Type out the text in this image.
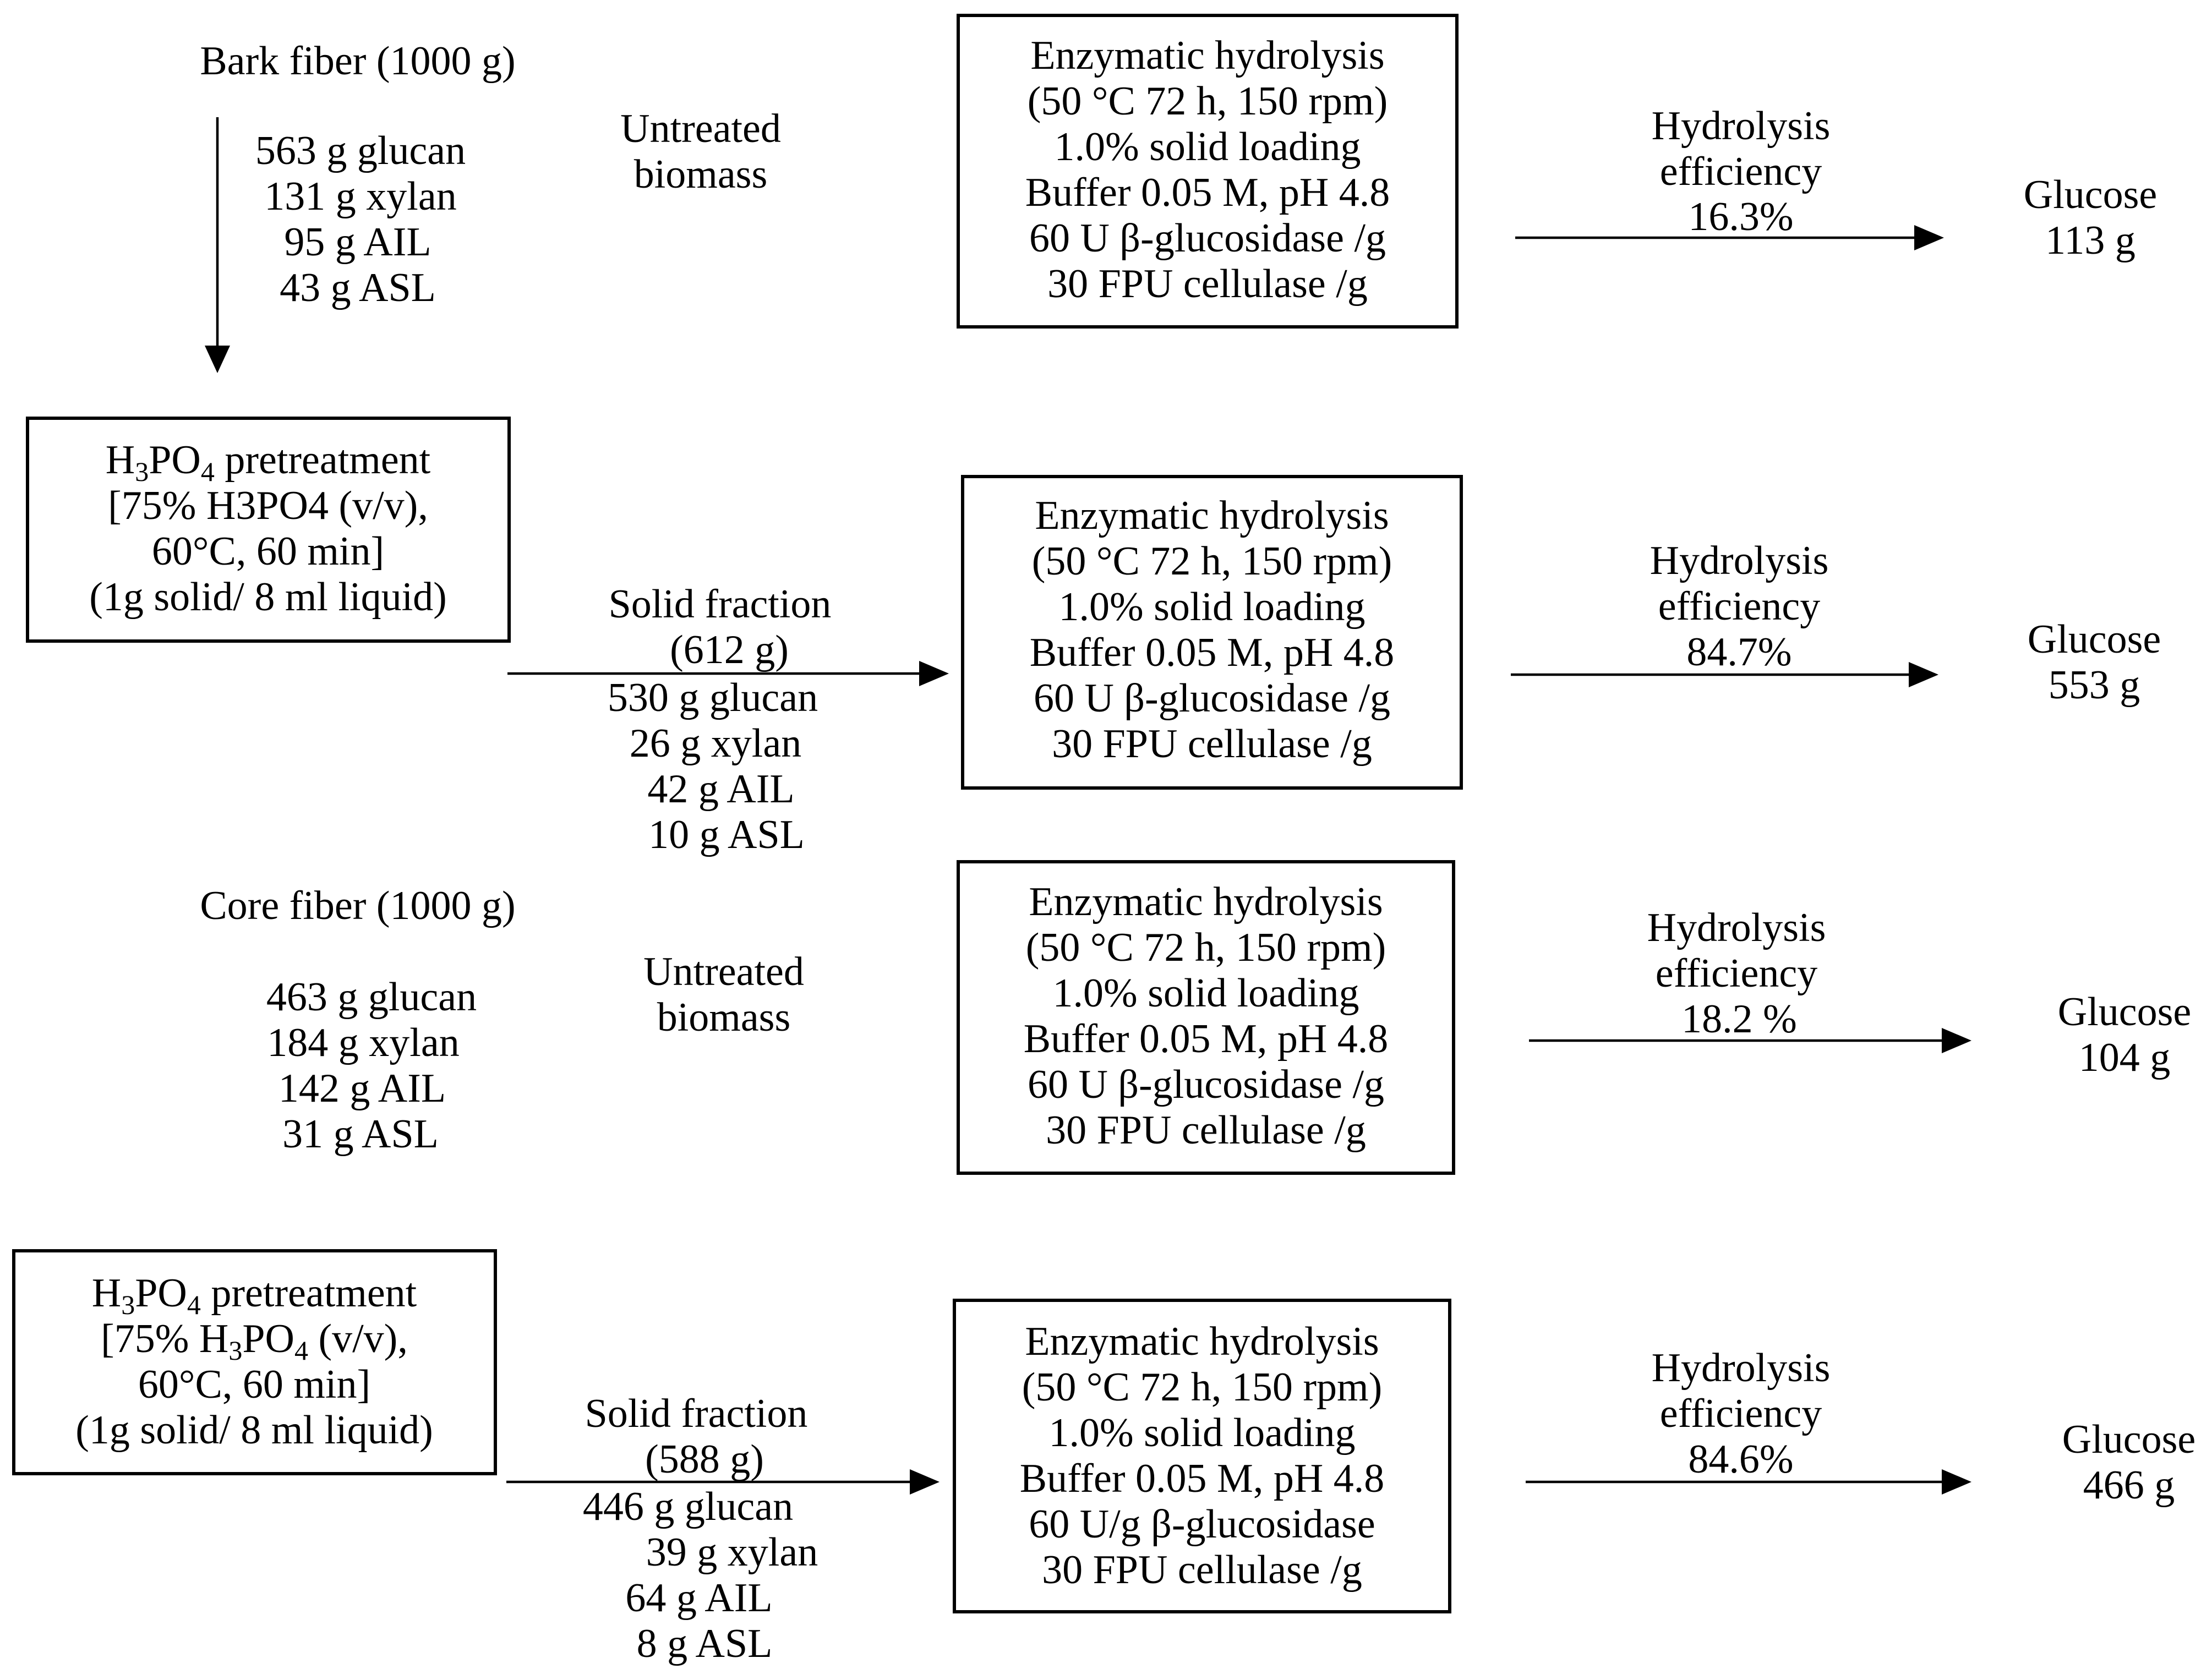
Bark fiber (1000 g)
563 g glucan
131 g xylan
95 g AIL
43 g ASL
Untreated
biomass
Enzymatic hydrolysis
(50 °C 72 h, 150 rpm)
1.0% solid loading
Buffer 0.05 M, pH 4.8
60 U β-glucosidase /g
30 FPU cellulase /g
Hydrolysis
efficiency
16.3%	Glucose
113 g
H3PO4 pretreatment
[75% H3PO4 (v/v),
60°C, 60 min]
(1g solid/ 8 ml liquid)	Solid fraction
(612 g)
530 g glucan
26 g xylan
42 g AIL
10 g ASL
Enzymatic hydrolysis
(50 °C 72 h, 150 rpm)
1.0% solid loading
Buffer 0.05 M, pH 4.8
60 U β-glucosidase /g
30 FPU cellulase /g
Hydrolysis
efficiency
84.7%	Glucose
553 g
Core fiber (1000 g)
463 g glucan
184 g xylan
142 g AIL
31 g ASL
Untreated
biomass
Enzymatic hydrolysis
(50 °C 72 h, 150 rpm)
1.0% solid loading
Buffer 0.05 M, pH 4.8
60 U β-glucosidase /g
30 FPU cellulase /g
Hydrolysis
efficiency
18.2 %	Glucose
104 g
H3PO4 pretreatment
[75% H3PO4 (v/v),
60°C, 60 min]
(1g solid/ 8 ml liquid)	Solid fraction
(588 g)
446 g glucan
39 g xylan
64 g AIL
8 g ASL
Enzymatic hydrolysis
(50 °C 72 h, 150 rpm)
1.0% solid loading
Buffer 0.05 M, pH 4.8
60 U/g β-glucosidase
30 FPU cellulase /g
Hydrolysis
efficiency
84.6%	Glucose
466 g
